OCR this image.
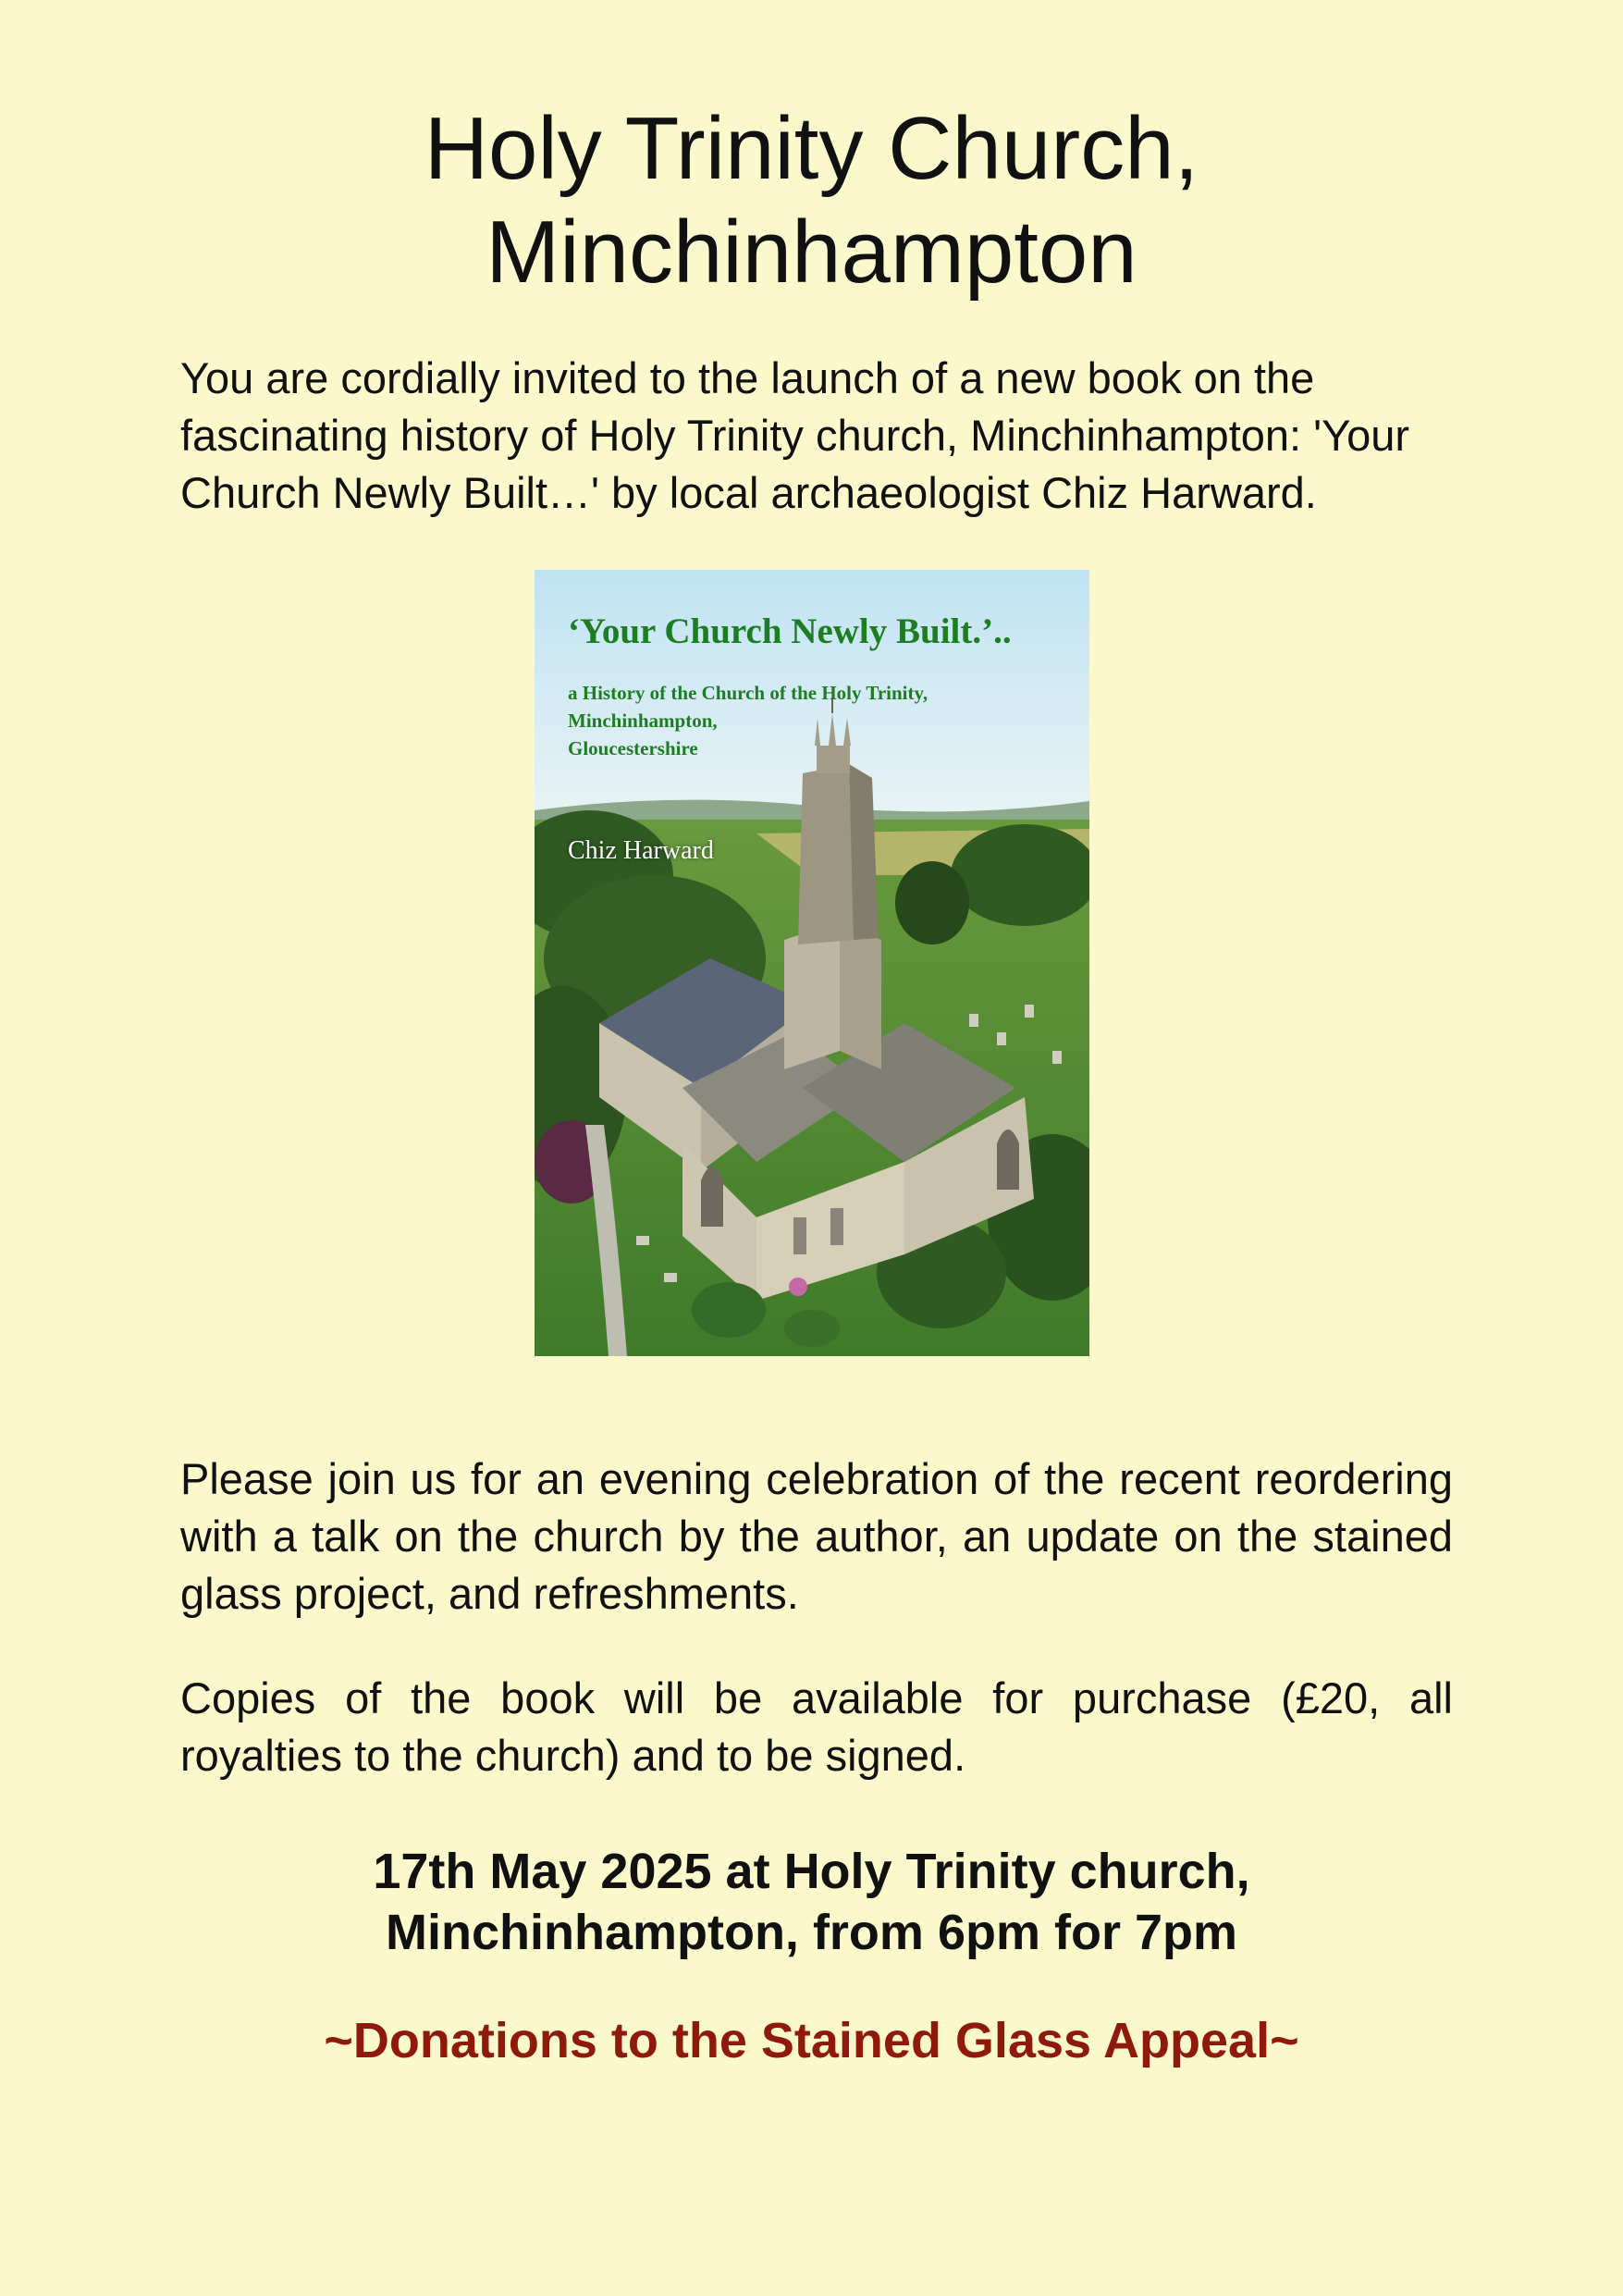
Holy Trinity Church,
Minchinhampton

You are cordially invited to the launch of a new book on the fascinating history of Holy Trinity church, Minchinhampton: 'Your Church Newly Built…' by local archaeologist Chiz Harward.

‘Your Church Newly Built.’..
a History of the Church of the Holy Trinity,
Minchinhampton,
Gloucestershire
Chiz Harward

Please join us for an evening celebration of the recent reordering with a talk on the church by the author, an update on the stained glass project, and refreshments.

Copies of the book will be available for purchase (£20, all royalties to the church) and to be signed.

17th May 2025 at Holy Trinity church,
Minchinhampton, from 6pm for 7pm

~Donations to the Stained Glass Appeal~
